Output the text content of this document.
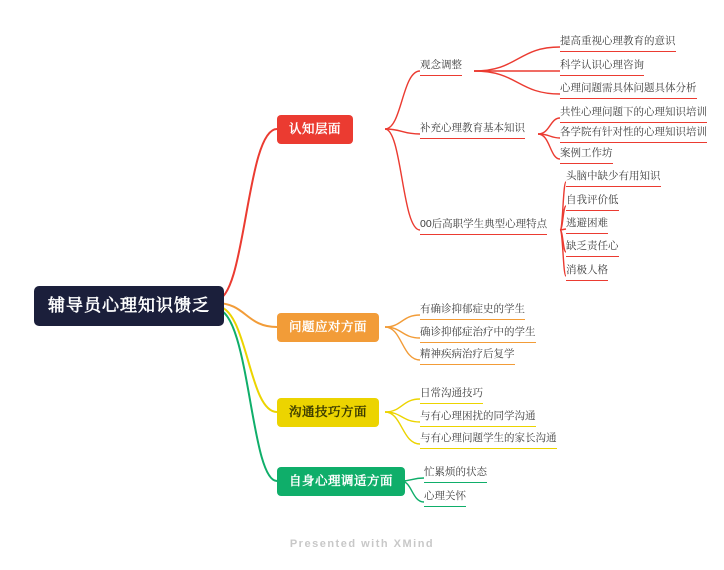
辅导员心理知识馈乏
认知层面
观念调整
提高重视心理教育的意识
科学认识心理咨询
心理问题需具体问题具体分析
补充心理教育基本知识
共性心理问题下的心理知识培训
各学院有针对性的心理知识培训
案例工作坊
00后高职学生典型心理特点
头脑中缺少有用知识
自我评价低
逃避困难
缺乏责任心
消极人格
问题应对方面
有确诊抑郁症史的学生
确诊抑郁症治疗中的学生
精神疾病治疗后复学
沟通技巧方面
日常沟通技巧
与有心理困扰的同学沟通
与有心理问题学生的家长沟通
自身心理调适方面
忙累烦的状态
心理关怀
Presented with XMind
